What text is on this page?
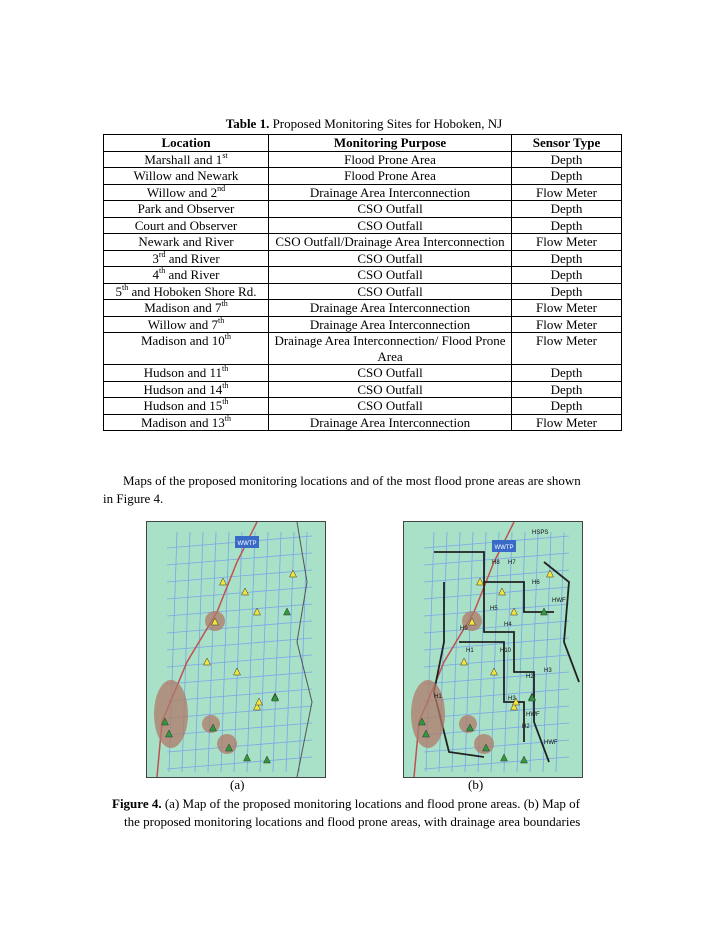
Table 1. Proposed Monitoring Sites for Hoboken, NJ
Location	Monitoring Purpose	Sensor Type
Marshall and 1st	Flood Prone Area	Depth
Willow and Newark	Flood Prone Area	Depth
Willow and 2nd	Drainage Area Interconnection	Flow Meter
Park and Observer	CSO Outfall	Depth
Court and Observer	CSO Outfall	Depth
Newark and River	CSO Outfall/Drainage Area Interconnection	Flow Meter
3rd and River	CSO Outfall	Depth
4th and River	CSO Outfall	Depth
5th and Hoboken Shore Rd.	CSO Outfall	Depth
Madison and 7th	Drainage Area Interconnection	Flow Meter
Willow and 7th	Drainage Area Interconnection	Flow Meter
Madison and 10th	Drainage Area Interconnection/ Flood Prone Area	Flow Meter
Hudson and 11th	CSO Outfall	Depth
Hudson and 14th	CSO Outfall	Depth
Hudson and 15th	CSO Outfall	Depth
Madison and 13th	Drainage Area Interconnection	Flow Meter
Maps of the proposed monitoring locations and of the most flood prone areas are shown
in Figure 4.
WWTP
WWTP
H8 H7
H6
HWF
H5
H4
H9
H1	H10
H3
H2
HWF
HWF
H1	H3
H2
HSPS
(a)	(b)
Figure 4. (a) Map of the proposed monitoring locations and flood prone areas. (b) Map of
the proposed monitoring locations and flood prone areas, with drainage area boundaries
